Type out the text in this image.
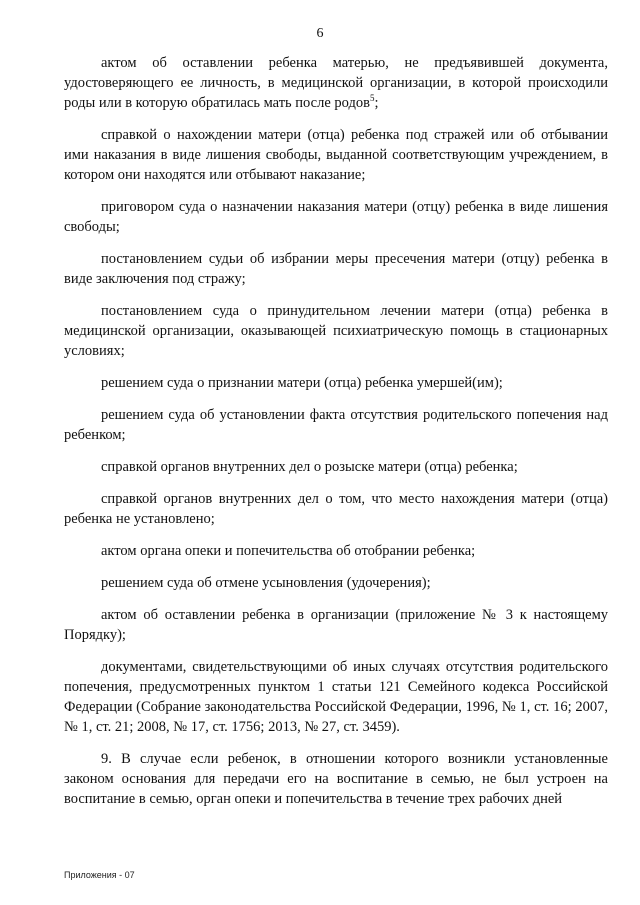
6

актом об оставлении ребенка матерью, не предъявившей документа, удостоверяющего ее личность, в медицинской организации, в которой происходили роды или в которую обратилась мать после родов$^5$;

справкой о нахождении матери (отца) ребенка под стражей или об отбывании ими наказания в виде лишения свободы, выданной соответствующим учреждением, в котором они находятся или отбывают наказание;

приговором суда о назначении наказания матери (отцу) ребенка в виде лишения свободы;

постановлением судьи об избрании меры пресечения матери (отцу) ребенка в виде заключения под стражу;

постановлением суда о принудительном лечении матери (отца) ребенка в медицинской организации, оказывающей психиатрическую помощь в стационарных условиях;

решением суда о признании матери (отца) ребенка умершей(им);

решением суда об установлении факта отсутствия родительского попечения над ребенком;

справкой органов внутренних дел о розыске матери (отца) ребенка;

справкой органов внутренних дел о том, что место нахождения матери (отца) ребенка не установлено;

актом органа опеки и попечительства об отобрании ребенка;

решением суда об отмене усыновления (удочерения);

актом об оставлении ребенка в организации (приложение № 3 к настоящему Порядку);

документами, свидетельствующими об иных случаях отсутствия родительского попечения, предусмотренных пунктом 1 статьи 121 Семейного кодекса Российской Федерации (Собрание законодательства Российской Федерации, 1996, № 1, ст. 16; 2007, № 1, ст. 21; 2008, № 17, ст. 1756; 2013, № 27, ст. 3459).

9. В случае если ребенок, в отношении которого возникли установленные законом основания для передачи его на воспитание в семью, не был устроен на воспитание в семью, орган опеки и попечительства в течение трех рабочих дней

Приложения - 07
